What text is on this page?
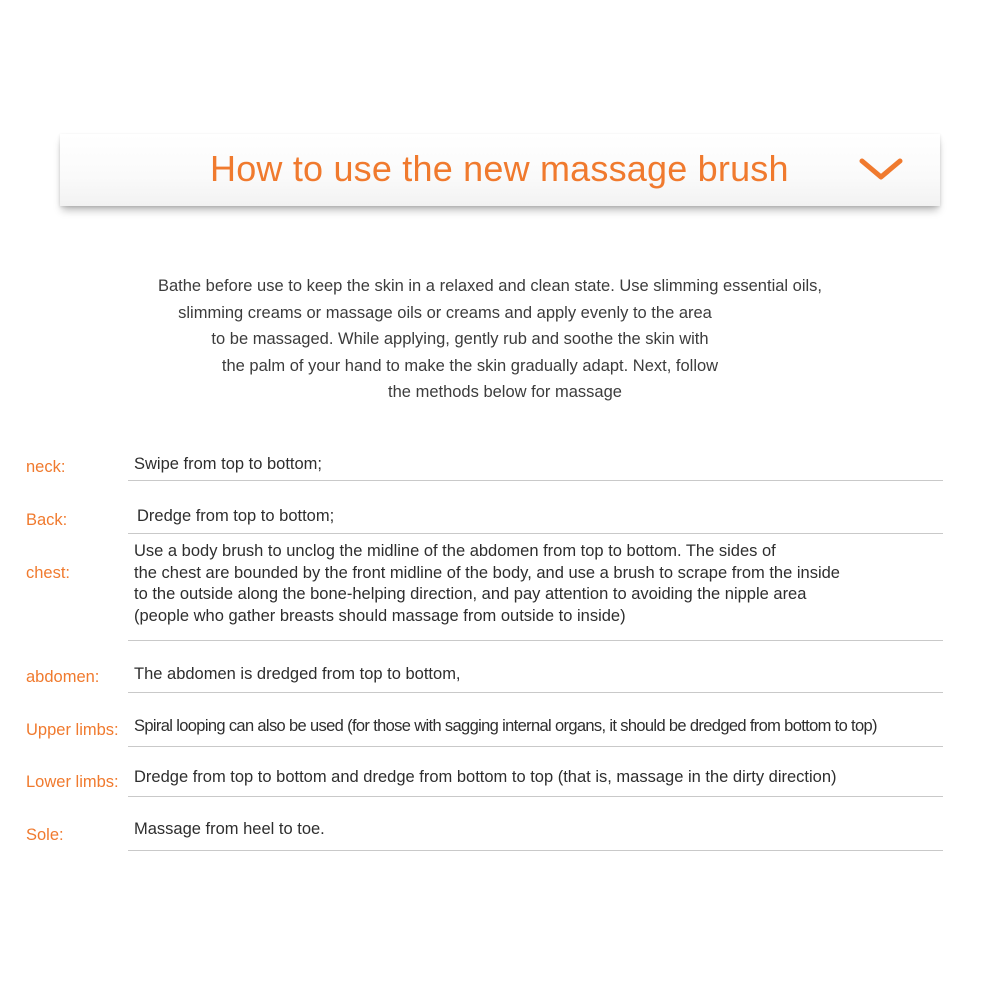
How to use the new massage brush
Bathe before use to keep the skin in a relaxed and clean state. Use slimming essential oils,
slimming creams or massage oils or creams and apply evenly to the area
to be massaged. While applying, gently rub and soothe the skin with
the palm of your hand to make the skin gradually adapt. Next, follow
the methods below for massage
neck:	Swipe from top to bottom;
Back:	Dredge from top to bottom;
chest:
Use a body brush to unclog the midline of the abdomen from top to bottom. The sides of
the chest are bounded by the front midline of the body, and use a brush to scrape from the inside
to the outside along the bone-helping direction, and pay attention to avoiding the nipple area
(people who gather breasts should massage from outside to inside)
abdomen: The abdomen is dredged from top to bottom,
Upper limbs: Spiral looping can also be used (for those with sagging internal organs, it should be dredged from bottom to top)
Lower limbs: Dredge from top to bottom and dredge from bottom to top (that is, massage in the dirty direction)
Sole:	Massage from heel to toe.
